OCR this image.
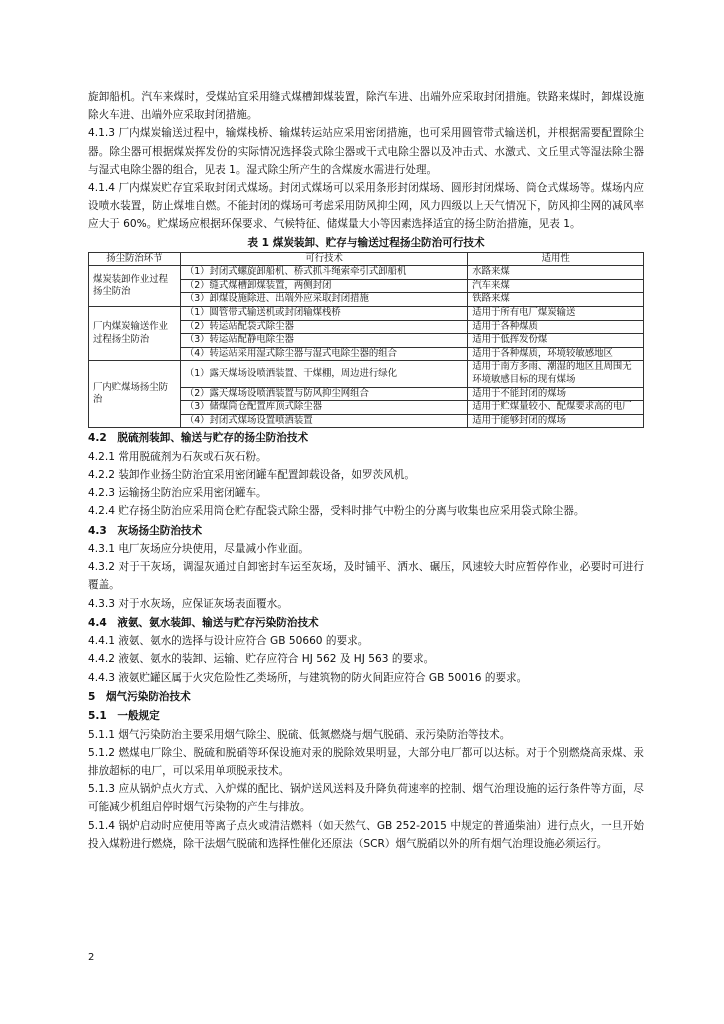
旋卸船机。汽车来煤时，受煤站宜采用缝式煤槽卸煤装置，除汽车进、出端外应采取封闭措施。铁路来煤时，卸煤设施除火车进、出端外应采取封闭措施。

4.1.3 厂内煤炭输送过程中，输煤栈桥、输煤转运站应采用密闭措施，也可采用圆管带式输送机，并根据需要配置除尘器。除尘器可根据煤炭挥发份的实际情况选择袋式除尘器或干式电除尘器以及冲击式、水激式、文丘里式等湿法除尘器与湿式电除尘器的组合，见表 1。湿式除尘所产生的含煤废水需进行处理。

4.1.4 厂内煤炭贮存宜采取封闭式煤场。封闭式煤场可以采用条形封闭煤场、圆形封闭煤场、筒仓式煤场等。煤场内应设喷水装置，防止煤堆自燃。不能封闭的煤场可考虑采用防风抑尘网，风力四级以上天气情况下，防风抑尘网的减风率应大于 60%。贮煤场应根据环保要求、气候特征、储煤量大小等因素选择适宜的扬尘防治措施，见表 1。

表 1 煤炭装卸、贮存与输送过程扬尘防治可行技术
扬尘防治环节	可行技术	适用性
煤炭装卸作业过程扬尘防治	（1）封闭式螺旋卸船机、桥式抓斗绳索牵引式卸船机	水路来煤
	（2）缝式煤槽卸煤装置，两侧封闭	汽车来煤
	（3）卸煤设施除进、出端外应采取封闭措施	铁路来煤
厂内煤炭输送作业过程扬尘防治	（1）圆管带式输送机或封闭输煤栈桥	适用于所有电厂煤炭输送
	（2）转运站配袋式除尘器	适用于各种煤质
	（3）转运站配静电除尘器	适用于低挥发份煤
	（4）转运站采用湿式除尘器与湿式电除尘器的组合	适用于各种煤质，环境较敏感地区
厂内贮煤场扬尘防治	（1）露天煤场设喷洒装置、干煤棚，周边进行绿化	适用于南方多雨、潮湿的地区且周围无环境敏感目标的现有煤场
	（2）露天煤场设喷洒装置与防风抑尘网组合	适用于不能封闭的煤场
	（3）储煤筒仓配置库顶式除尘器	适用于贮煤量较小、配煤要求高的电厂
	（4）封闭式煤场设置喷洒装置	适用于能够封闭的煤场

4.2　脱硫剂装卸、输送与贮存的扬尘防治技术

4.2.1 常用脱硫剂为石灰或石灰石粉。

4.2.2 装卸作业扬尘防治宜采用密闭罐车配置卸载设备，如罗茨风机。

4.2.3 运输扬尘防治应采用密闭罐车。

4.2.4 贮存扬尘防治应采用筒仓贮存配袋式除尘器，受料时排气中粉尘的分离与收集也应采用袋式除尘器。

4.3　灰场扬尘防治技术

4.3.1 电厂灰场应分块使用，尽量减小作业面。

4.3.2 对于干灰场，调湿灰通过自卸密封车运至灰场，及时铺平、洒水、碾压，风速较大时应暂停作业，必要时可进行覆盖。

4.3.3 对于水灰场，应保证灰场表面覆水。

4.4　液氨、氨水装卸、输送与贮存污染防治技术

4.4.1 液氨、氨水的选择与设计应符合 GB 50660 的要求。

4.4.2 液氨、氨水的装卸、运输、贮存应符合 HJ 562 及 HJ 563 的要求。

4.4.3 液氨贮罐区属于火灾危险性乙类场所，与建筑物的防火间距应符合 GB 50016 的要求。

5　烟气污染防治技术

5.1　一般规定

5.1.1 烟气污染防治主要采用烟气除尘、脱硫、低氮燃烧与烟气脱硝、汞污染防治等技术。

5.1.2 燃煤电厂除尘、脱硫和脱硝等环保设施对汞的脱除效果明显，大部分电厂都可以达标。对于个别燃烧高汞煤、汞排放超标的电厂，可以采用单项脱汞技术。

5.1.3 应从锅炉点火方式、入炉煤的配比、锅炉送风送料及升降负荷速率的控制、烟气治理设施的运行条件等方面，尽可能减少机组启停时烟气污染物的产生与排放。

5.1.4 锅炉启动时应使用等离子点火或清洁燃料（如天然气、GB 252-2015 中规定的普通柴油）进行点火，一旦开始投入煤粉进行燃烧，除干法烟气脱硫和选择性催化还原法（SCR）烟气脱硝以外的所有烟气治理设施必须运行。

2
